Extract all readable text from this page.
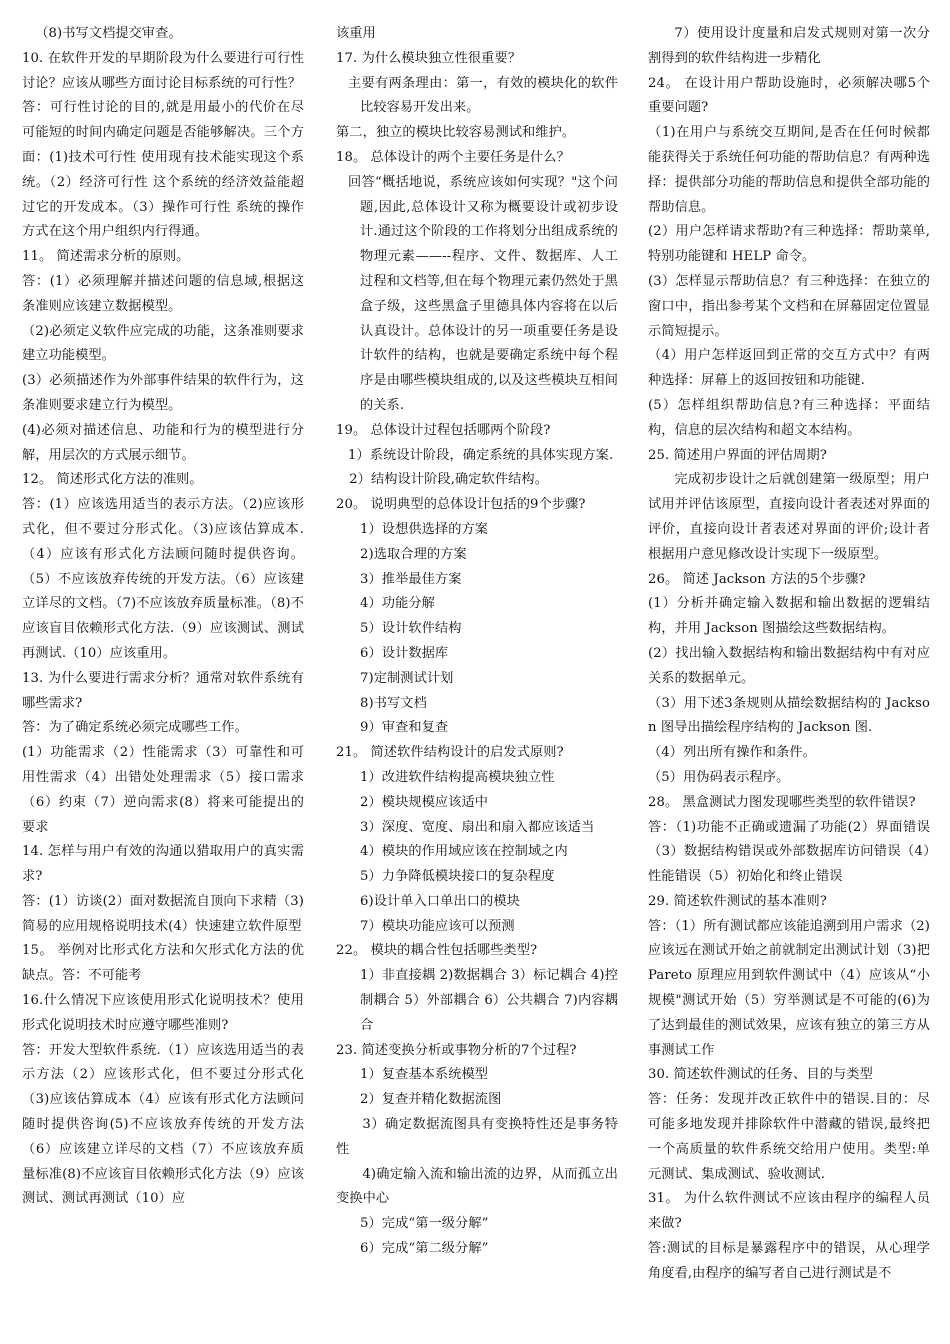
（8)书写文档提交审查。

10. 在软件开发的早期阶段为什么要进行可行性讨论？应该从哪些方面讨论目标系统的可行性？

答：可行性讨论的目的,就是用最小的代价在尽可能短的时间内确定问题是否能够解决。三个方面：(1)技术可行性 使用现有技术能实现这个系统。（2）经济可行性 这个系统的经济效益能超过它的开发成本。（3）操作可行性 系统的操作方式在这个用户组织内行得通。

11。 简述需求分析的原则。

答：(1）必须理解并描述问题的信息域,根据这条准则应该建立数据模型。

（2)必须定义软件应完成的功能，这条准则要求建立功能模型。

(3）必须描述作为外部事件结果的软件行为，这条准则要求建立行为模型。

(4)必须对描述信息、功能和行为的模型进行分解，用层次的方式展示细节。

12。 简述形式化方法的准则。

答：(1）应该选用适当的表示方法。（2)应该形式化，但不要过分形式化。（3)应该估算成本.（4）应该有形式化方法顾问随时提供咨询。（5）不应该放弃传统的开发方法。（6）应该建立详尽的文档。（7)不应该放弃质量标准。（8)不应该盲目依赖形式化方法.（9）应该测试、测试再测试.（10）应该重用。

13. 为什么要进行需求分析？通常对软件系统有哪些需求?

答：为了确定系统必须完成哪些工作。

(1）功能需求（2）性能需求（3）可靠性和可用性需求（4）出错处处理需求（5）接口需求（6）约束（7）逆向需求(8）将来可能提出的要求

14. 怎样与用户有效的沟通以猎取用户的真实需求?

答：(1）访谈(2）面对数据流自顶向下求精（3)简易的应用规格说明技术(4）快速建立软件原型

15。 举例对比形式化方法和欠形式化方法的优缺点。答：不可能考

16.什么情况下应该使用形式化说明技术？使用形式化说明技术时应遵守哪些准则?

答：开发大型软件系统.（1）应该选用适当的表示方法（2）应该形式化，但不要过分形式化（3)应该估算成本（4）应该有形式化方法顾问随时提供咨询(5)不应该放弃传统的开发方法（6）应该建立详尽的文档（7）不应该放弃质量标准(8)不应该盲目依赖形式化方法（9）应该测试、测试再测试（10）应

该重用

17. 为什么模块独立性很重要？

主要有两条理由：第一，有效的模块化的软件比较容易开发出来。

第二，独立的模块比较容易测试和维护。

18。 总体设计的两个主要任务是什么？

回答“概括地说，系统应该如何实现？"这个问题,因此,总体设计又称为概要设计或初步设计.通过这个阶段的工作将划分出组成系统的物理元素——--程序、文件、数据库、人工过程和文档等,但在每个物理元素仍然处于黑盒子级，这些黑盒子里德具体内容将在以后认真设计。总体设计的另一项重要任务是设计软件的结构，也就是要确定系统中每个程序是由哪些模块组成的,以及这些模块互相间的关系.

19。 总体设计过程包括哪两个阶段?

1）系统设计阶段，确定系统的具体实现方案.

2）结构设计阶段,确定软件结构。

20。 说明典型的总体设计包括的9个步骤?

1）设想供选择的方案

2)选取合理的方案

3）推举最佳方案

4）功能分解

5）设计软件结构

6）设计数据库

7)定制测试计划

8)书写文档

9）审查和复查

21。 简述软件结构设计的启发式原则?

1）改进软件结构提高模块独立性

2）模块规模应该适中

3）深度、宽度、扇出和扇入都应该适当

4）模块的作用域应该在控制域之内

5）力争降低模块接口的复杂程度

6)设计单入口单出口的模块

7）模块功能应该可以预测

22。 模块的耦合性包括哪些类型?

1）非直接耦 2)数据耦合 3）标记耦合 4)控制耦合 5）外部耦合 6）公共耦合 7)内容耦合

23. 简述变换分析或事物分析的7个过程?

1）复查基本系统模型

2）复查并精化数据流图

3）确定数据流图具有变换特性还是事务特性

4)确定输入流和输出流的边界，从而孤立出变换中心

5）完成“第一级分解”

6）完成“第二级分解”

7）使用设计度量和启发式规则对第一次分割得到的软件结构进一步精化

24。 在设计用户帮助设施时，必须解决哪5个重要问题?

（1)在用户与系统交互期间,是否在任何时候都能获得关于系统任何功能的帮助信息？有两种选择：提供部分功能的帮助信息和提供全部功能的帮助信息。

(2）用户怎样请求帮助?有三种选择：帮助菜单,特别功能键和 HELP 命令。

(3）怎样显示帮助信息？有三种选择：在独立的窗口中，指出参考某个文档和在屏幕固定位置显示简短提示。

（4）用户怎样返回到正常的交互方式中？有两种选择：屏幕上的返回按钮和功能键.

(5）怎样组织帮助信息?有三种选择：平面结构，信息的层次结构和超文本结构。

25. 简述用户界面的评估周期?

完成初步设计之后就创建第一级原型；用户试用并评估该原型，直接向设计者表述对界面的评价，直接向设计者表述对界面的评价;设计者根据用户意见修改设计实现下一级原型。

26。 简述 Jackson 方法的5个步骤?

(1）分析并确定输入数据和输出数据的逻辑结构，并用 Jackson 图描绘这些数据结构。

(2）找出输入数据结构和输出数据结构中有对应关系的数据单元。

（3）用下述3条规则从描绘数据结构的 Jackson 图导出描绘程序结构的 Jackson 图.

（4）列出所有操作和条件。

（5）用伪码表示程序。

28。 黑盒测试力图发现哪些类型的软件错误?

答：（1)功能不正确或遗漏了功能(2）界面错误（3）数据结构错误或外部数据库访问错误（4）性能错误（5）初始化和终止错误

29. 简述软件测试的基本准则?

答：（1）所有测试都应该能追溯到用户需求（2)应该远在测试开始之前就制定出测试计划（3)把 Pareto 原理应用到软件测试中（4）应该从“小规模"测试开始（5）穷举测试是不可能的(6)为了达到最佳的测试效果，应该有独立的第三方从事测试工作

30. 简述软件测试的任务、目的与类型

答：任务：发现并改正软件中的错误.目的：尽可能多地发现并排除软件中潜藏的错误,最终把一个高质量的软件系统交给用户使用。类型:单元测试、集成测试、验收测试.

31。 为什么软件测试不应该由程序的编程人员来做?

答:测试的目标是暴露程序中的错误，从心理学角度看,由程序的编写者自己进行测试是不
